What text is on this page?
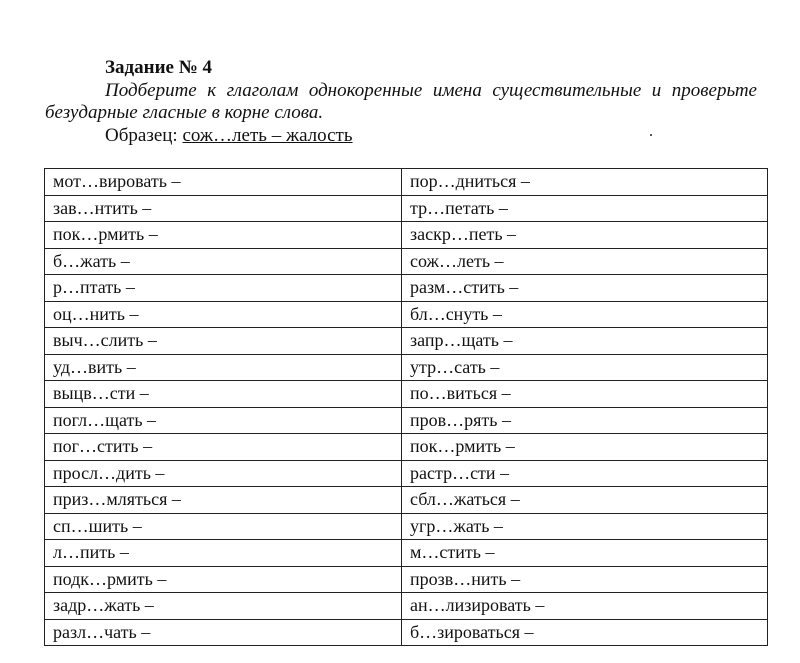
Задание № 4
Подберите к глаголам однокоренные имена существительные и проверьте безударные гласные в корне слова.
Образец: сож…леть – жалость
мот…вировать –	пор…дниться –
зав…нтить –	тр…петать –
пок…рмить –	заскр…петь –
б…жать –	сож…леть –
р…птать –	разм…стить –
оц…нить –	бл…снуть –
выч…слить –	запр…щать –
уд…вить –	утр…сать –
выцв…сти –	по…виться –
погл…щать –	пров…рять –
пог…стить –	пок…рмить –
просл…дить –	растр…сти –
приз…мляться –	сбл…жаться –
сп…шить –	угр…жать –
л…пить –	м…стить –
подк…рмить –	прозв…нить –
задр…жать –	ан…лизировать –
разл…чать –	б…зироваться –
